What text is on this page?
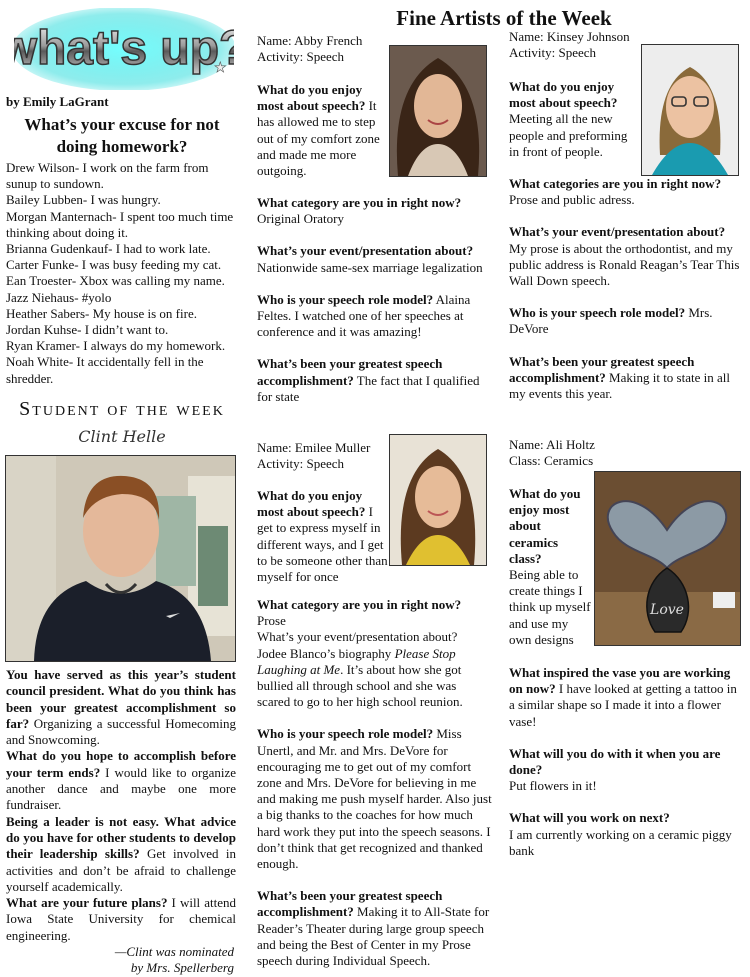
what's up
★

by Emily LaGrant

What’s your excuse for not doing homework?

Drew Wilson- I work on the farm from sunup to sundown.

Bailey Lubben- I was hungry.

Morgan Manternach- I spent too much time thinking about doing it.

Brianna Gudenkauf- I had to work late.

Carter Funke- I was busy feeding my cat.

Ean Troester- Xbox was calling my name.

Jazz Niehaus- #yolo

Heather Sabers- My house is on fire.

Jordan Kuhse- I didn’t want to.

Ryan Kramer- I always do my homework.

Noah White- It accidentally fell in the shredder.

Student of the week
Clint Helle

You have served as this year’s student council president. What do you think has been your greatest accomplishment so far? Organizing a successful Homecoming and Snowcoming.

What do you hope to accomplish before your term ends? I would like to organize another dance and maybe one more fundraiser.

Being a leader is not easy. What advice do you have for other students to develop their leadership skills? Get involved in activities and don’t be afraid to challenge yourself academically.

What are your future plans? I will attend Iowa State University for chemical engineering.

—Clint was nominated

by Mrs. Spellerberg

Fine Artists of the Week

Name: Abby French

Activity: Speech

What do you enjoy most about speech? It has allowed me to step out of my comfort zone and made me more outgoing.

What category are you in right now?
Original Oratory

What’s your event/presentation about? Nationwide same-sex marriage legalization

Who is your speech role model? Alaina Feltes. I watched one of her speeches at conference and it was amazing!

What’s been your greatest speech accomplishment? The fact that I qualified for state

Name: Emilee Muller

Activity: Speech

What do you enjoy most about speech? I get to express myself in different ways, and I get to be someone other than myself for once

What category are you in right now?
Prose

What’s your event/presentation about?
Jodee Blanco’s biography Please Stop Laughing at Me. It’s about how she got bullied all through school and she was scared to go to her high school reunion.

Who is your speech role model? Miss Unertl, and Mr. and Mrs. DeVore for encouraging me to get out of my comfort zone and Mrs. DeVore for believing in me and making me push myself harder. Also just a big thanks to the coaches for how much hard work they put into the speech seasons. I don’t think that get recognized and thanked enough.

What’s been your greatest speech accomplishment? Making it to All-State for Reader’s Theater during large group speech and being the Best of Center in my Prose speech during Individual Speech.

Name: Kinsey Johnson

Activity: Speech

What do you enjoy most about speech? Meeting all the new people and preforming in front of people.

What categories are you in right now? Prose and public adress.

What’s your event/presentation about? My prose is about the orthodontist, and my public address is Ronald Reagan’s Tear This Wall Down speech.

Who is your speech role model? Mrs. DeVore

What’s been your greatest speech accomplishment? Making it to state in all my events this year.

Name: Ali Holtz

Class: Ceramics

Love

What do you enjoy most about ceramics class?
Being able to create things I think up myself and use my own designs

What inspired the vase you are working on now? I have looked at getting a tattoo in a similar shape so I made it into a flower vase!

What will you do with it when you are done?
Put flowers in it!

What will you work on next?
I am currently working on a ceramic piggy bank
